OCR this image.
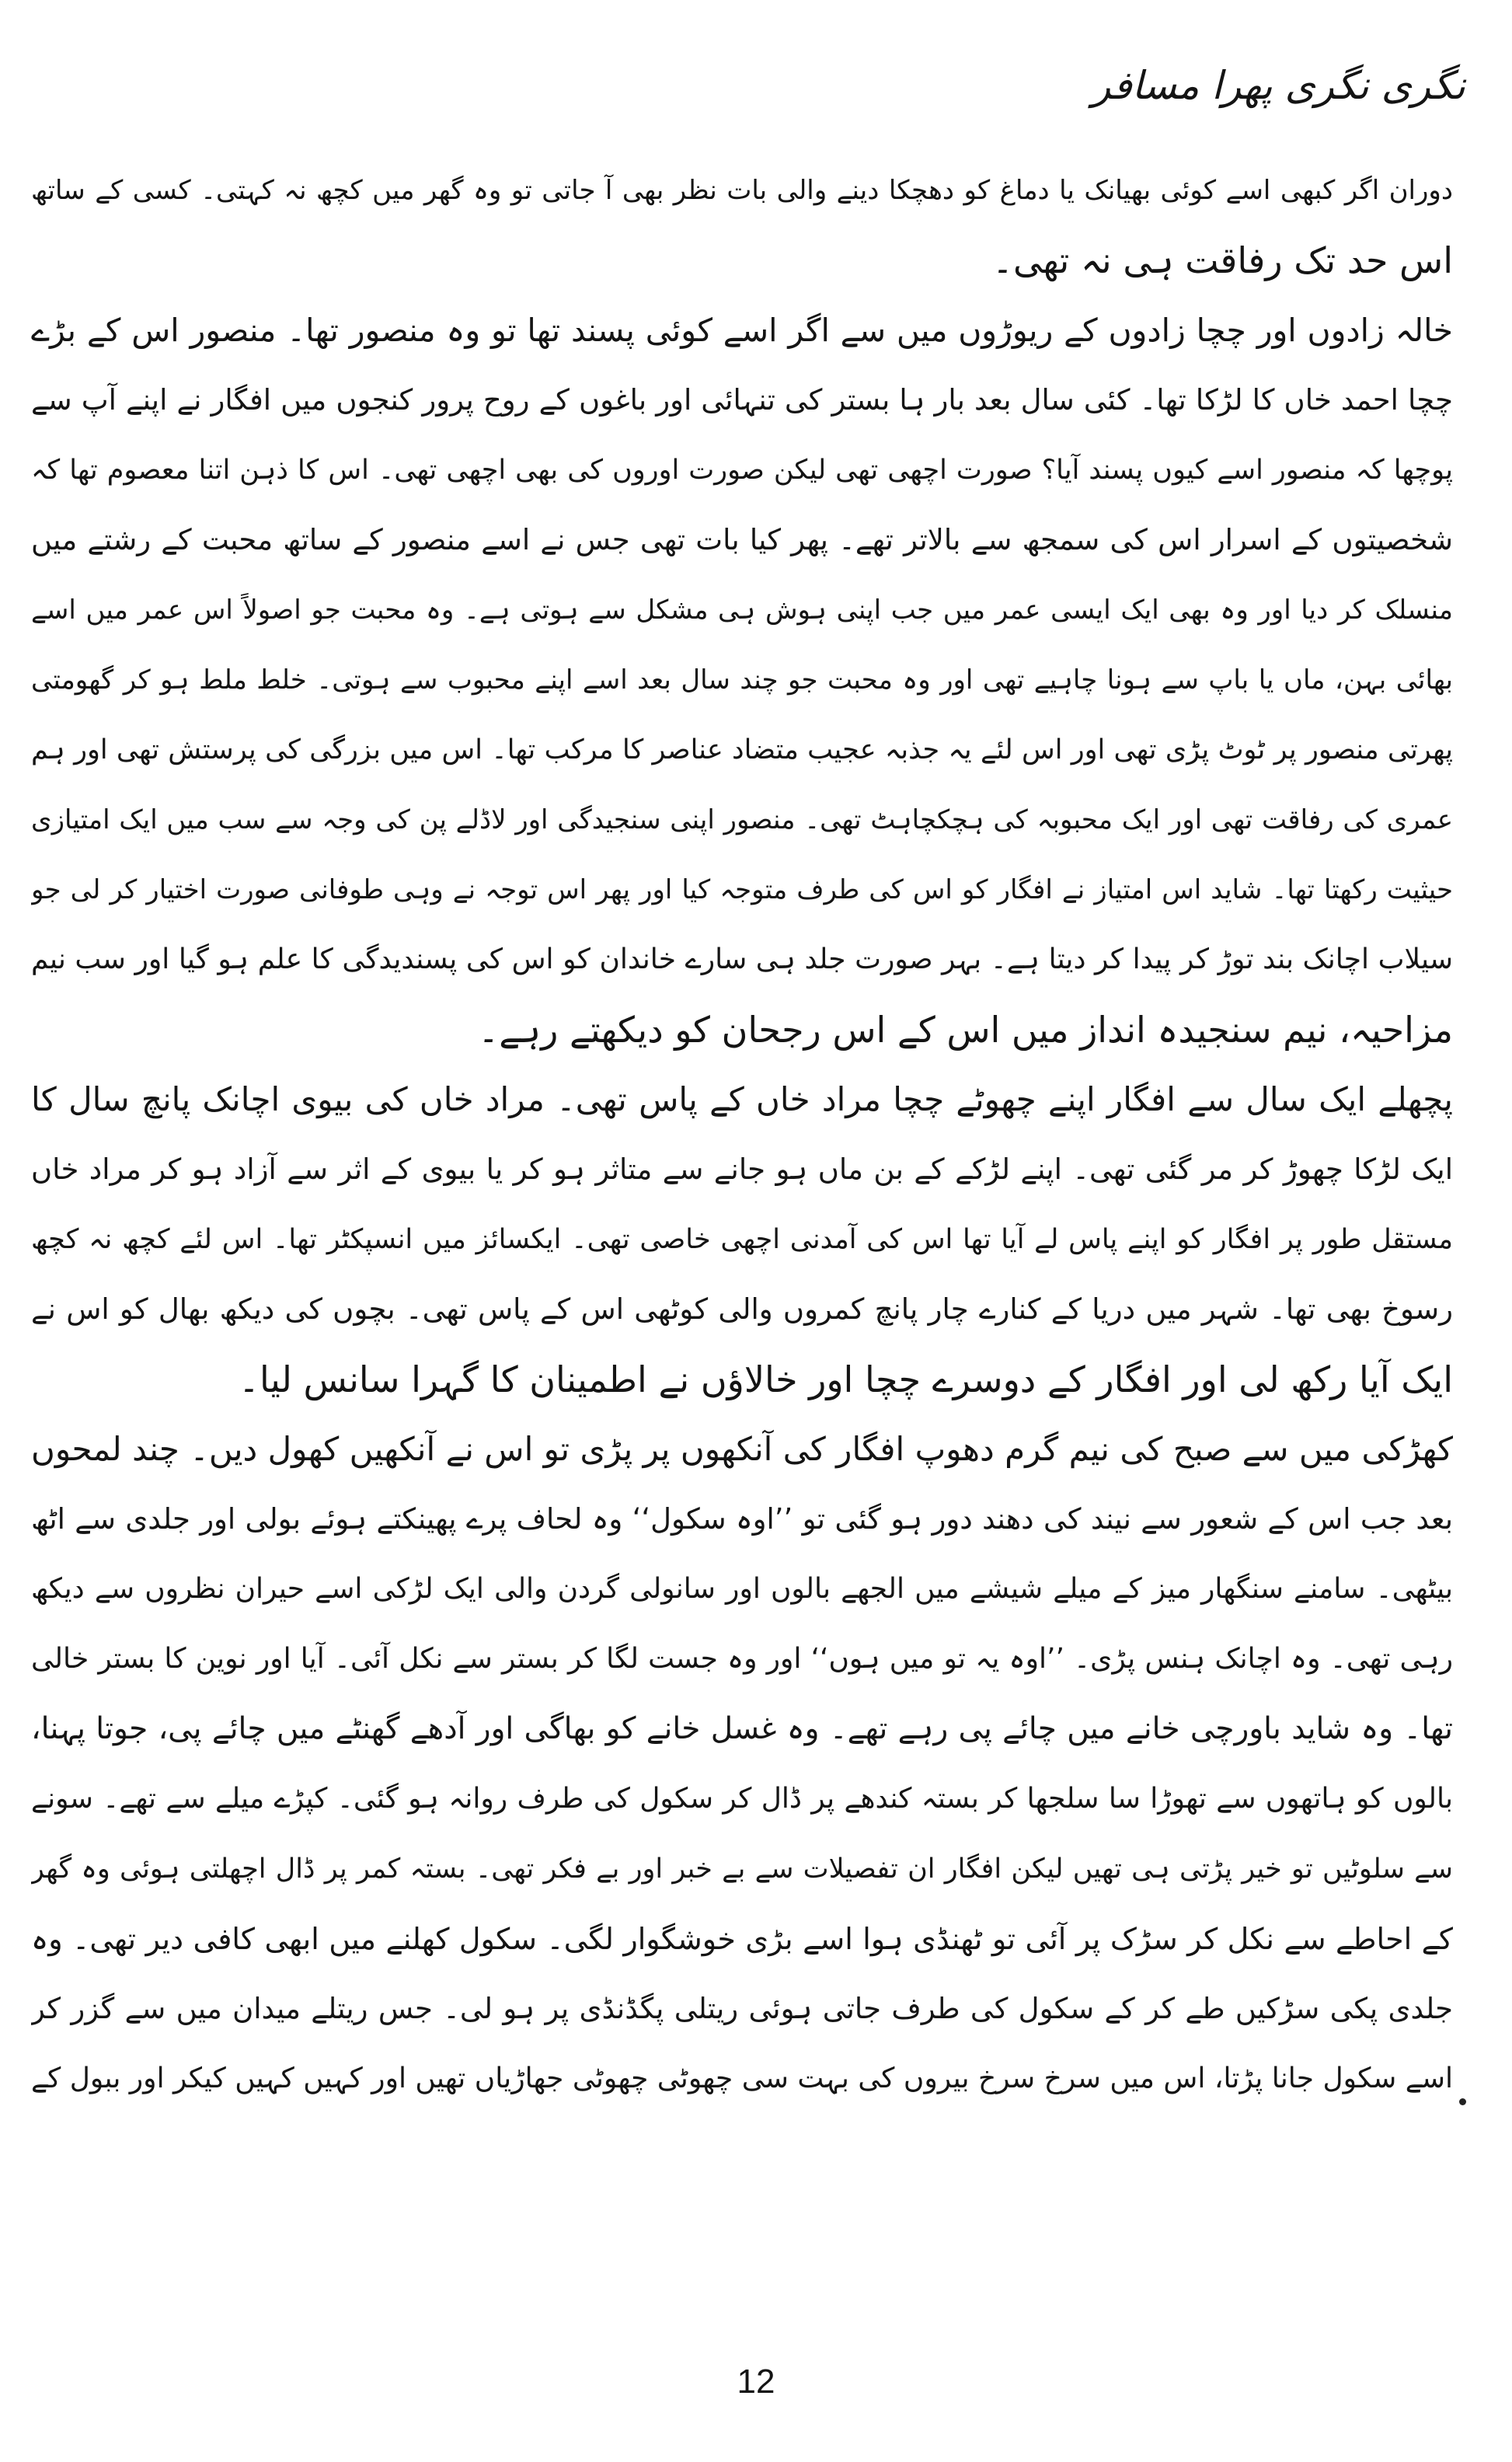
نگری نگری پھرا مسافر
دوران اگر کبھی اسے کوئی بھیانک یا دماغ کو دھچکا دینے والی بات نظر بھی آ جاتی تو وہ گھر میں کچھ نہ کہتی۔ کسی کے ساتھ
اس حد تک رفاقت ہی نہ تھی۔
خالہ زادوں اور چچا زادوں کے ریوڑوں میں سے اگر اسے کوئی پسند تھا تو وہ منصور تھا۔ منصور اس کے بڑے
چچا احمد خاں کا لڑکا تھا۔ کئی سال بعد بار ہا بستر کی تنہائی اور باغوں کے روح پرور کنجوں میں افگار نے اپنے آپ سے
پوچھا کہ منصور اسے کیوں پسند آیا؟ صورت اچھی تھی لیکن صورت اوروں کی بھی اچھی تھی۔ اس کا ذہن اتنا معصوم تھا کہ
شخصیتوں کے اسرار اس کی سمجھ سے بالاتر تھے۔ پھر کیا بات تھی جس نے اسے منصور کے ساتھ محبت کے رشتے میں
منسلک کر دیا اور وہ بھی ایک ایسی عمر میں جب اپنی ہوش ہی مشکل سے ہوتی ہے۔ وہ محبت جو اصولاً اس عمر میں اسے
بھائی بہن، ماں یا باپ سے ہونا چاہیے تھی اور وہ محبت جو چند سال بعد اسے اپنے محبوب سے ہوتی۔ خلط ملط ہو کر گھومتی
پھرتی منصور پر ٹوٹ پڑی تھی اور اس لئے یہ جذبہ عجیب متضاد عناصر کا مرکب تھا۔ اس میں بزرگی کی پرستش تھی اور ہم
عمری کی رفاقت تھی اور ایک محبوبہ کی ہچکچاہٹ تھی۔ منصور اپنی سنجیدگی اور لاڈلے پن کی وجہ سے سب میں ایک امتیازی
حیثیت رکھتا تھا۔ شاید اس امتیاز نے افگار کو اس کی طرف متوجہ کیا اور پھر اس توجہ نے وہی طوفانی صورت اختیار کر لی جو
سیلاب اچانک بند توڑ کر پیدا کر دیتا ہے۔ بہر صورت جلد ہی سارے خاندان کو اس کی پسندیدگی کا علم ہو گیا اور سب نیم
مزاحیہ، نیم سنجیدہ انداز میں اس کے اس رجحان کو دیکھتے رہے۔
پچھلے ایک سال سے افگار اپنے چھوٹے چچا مراد خاں کے پاس تھی۔ مراد خاں کی بیوی اچانک پانچ سال کا
ایک لڑکا چھوڑ کر مر گئی تھی۔ اپنے لڑکے کے بن ماں ہو جانے سے متاثر ہو کر یا بیوی کے اثر سے آزاد ہو کر مراد خاں
مستقل طور پر افگار کو اپنے پاس لے آیا تھا اس کی آمدنی اچھی خاصی تھی۔ ایکسائز میں انسپکٹر تھا۔ اس لئے کچھ نہ کچھ
رسوخ بھی تھا۔ شہر میں دریا کے کنارے چار پانچ کمروں والی کوٹھی اس کے پاس تھی۔ بچوں کی دیکھ بھال کو اس نے
ایک آیا رکھ لی اور افگار کے دوسرے چچا اور خالاؤں نے اطمینان کا گہرا سانس لیا۔
کھڑکی میں سے صبح کی نیم گرم دھوپ افگار کی آنکھوں پر پڑی تو اس نے آنکھیں کھول دیں۔ چند لمحوں
بعد جب اس کے شعور سے نیند کی دھند دور ہو گئی تو ’’اوہ سکول‘‘ وہ لحاف پرے پھینکتے ہوئے بولی اور جلدی سے اٹھ
بیٹھی۔ سامنے سنگھار میز کے میلے شیشے میں الجھے بالوں اور سانولی گردن والی ایک لڑکی اسے حیران نظروں سے دیکھ
رہی تھی۔ وہ اچانک ہنس پڑی۔ ’’اوہ یہ تو میں ہوں‘‘ اور وہ جست لگا کر بستر سے نکل آئی۔ آیا اور نوین کا بستر خالی
تھا۔ وہ شاید باورچی خانے میں چائے پی رہے تھے۔ وہ غسل خانے کو بھاگی اور آدھے گھنٹے میں چائے پی، جوتا پہنا،
بالوں کو ہاتھوں سے تھوڑا سا سلجھا کر بستہ کندھے پر ڈال کر سکول کی طرف روانہ ہو گئی۔ کپڑے میلے سے تھے۔ سونے
سے سلوٹیں تو خیر پڑتی ہی تھیں لیکن افگار ان تفصیلات سے بے خبر اور بے فکر تھی۔ بستہ کمر پر ڈال اچھلتی ہوئی وہ گھر
کے احاطے سے نکل کر سڑک پر آئی تو ٹھنڈی ہوا اسے بڑی خوشگوار لگی۔ سکول کھلنے میں ابھی کافی دیر تھی۔ وہ
جلدی پکی سڑکیں طے کر کے سکول کی طرف جاتی ہوئی ریتلی پگڈنڈی پر ہو لی۔ جس ریتلے میدان میں سے گزر کر
اسے سکول جانا پڑتا، اس میں سرخ سرخ بیروں کی بہت سی چھوٹی چھوٹی جھاڑیاں تھیں اور کہیں کہیں کیکر اور ببول کے
12
